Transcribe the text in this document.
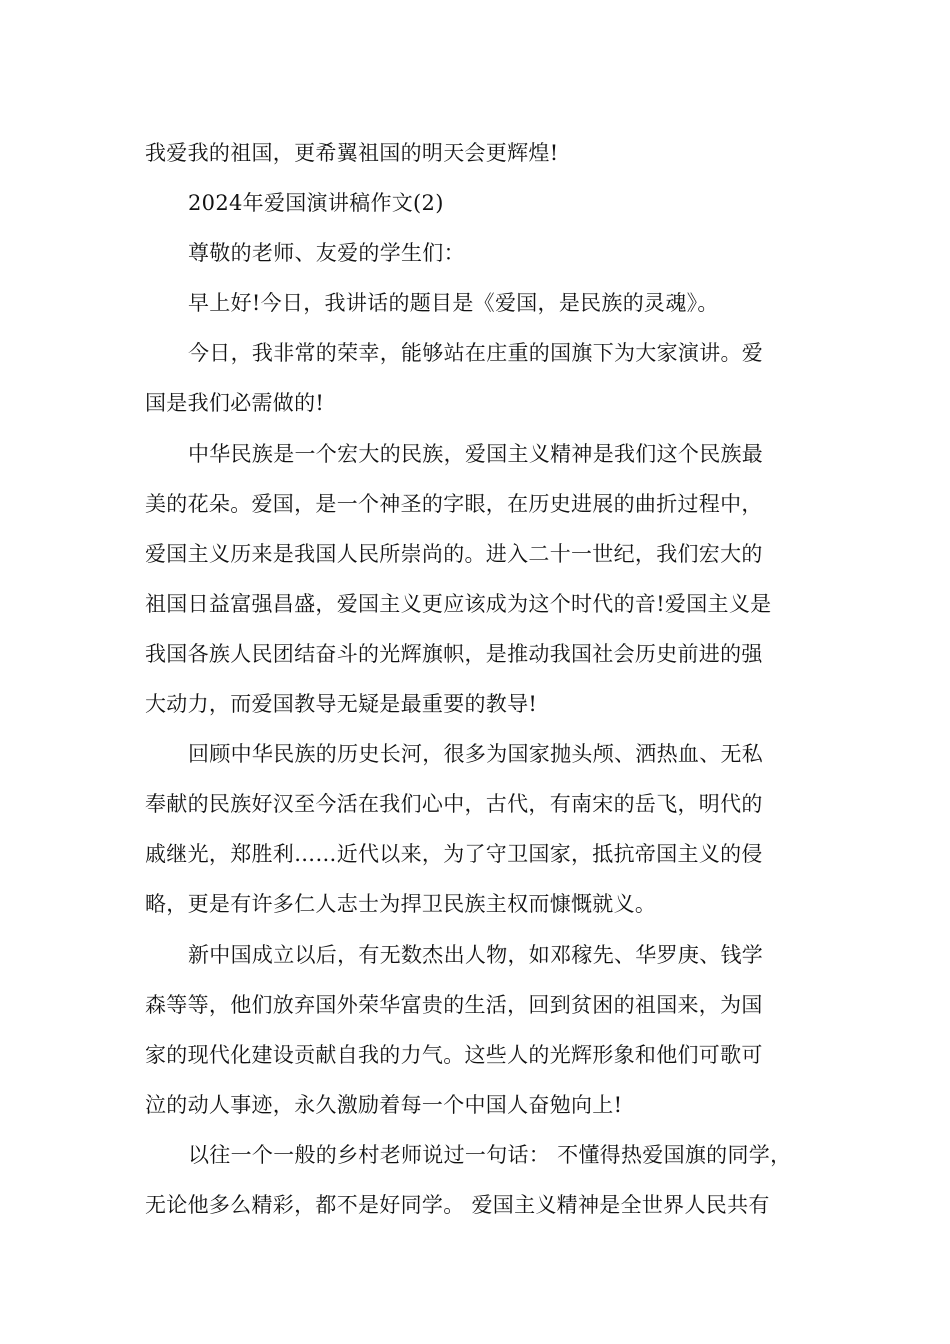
我爱我的祖国，更希翼祖国的明天会更辉煌!
2024年爱国演讲稿作文(2)
尊敬的老师、友爱的学生们：
早上好!今日，我讲话的题目是《爱国，是民族的灵魂》。
今日，我非常的荣幸，能够站在庄重的国旗下为大家演讲。爱
国是我们必需做的!
中华民族是一个宏大的民族，爱国主义精神是我们这个民族最
美的花朵。爱国，是一个神圣的字眼，在历史进展的曲折过程中，
爱国主义历来是我国人民所崇尚的。进入二十一世纪，我们宏大的
祖国日益富强昌盛，爱国主义更应该成为这个时代的音!爱国主义是
我国各族人民团结奋斗的光辉旗帜，是推动我国社会历史前进的强
大动力，而爱国教导无疑是最重要的教导!
回顾中华民族的历史长河，很多为国家抛头颅、洒热血、无私
奉献的民族好汉至今活在我们心中，古代，有南宋的岳飞，明代的
戚继光，郑胜利……近代以来，为了守卫国家，抵抗帝国主义的侵
略，更是有许多仁人志士为捍卫民族主权而慷慨就义。
新中国成立以后，有无数杰出人物，如邓稼先、华罗庚、钱学
森等等，他们放弃国外荣华富贵的生活，回到贫困的祖国来，为国
家的现代化建设贡献自我的力气。这些人的光辉形象和他们可歌可
泣的动人事迹，永久激励着每一个中国人奋勉向上!
以往一个一般的乡村老师说过一句话： 不懂得热爱国旗的同学，
无论他多么精彩，都不是好同学。 爱国主义精神是全世界人民共有
